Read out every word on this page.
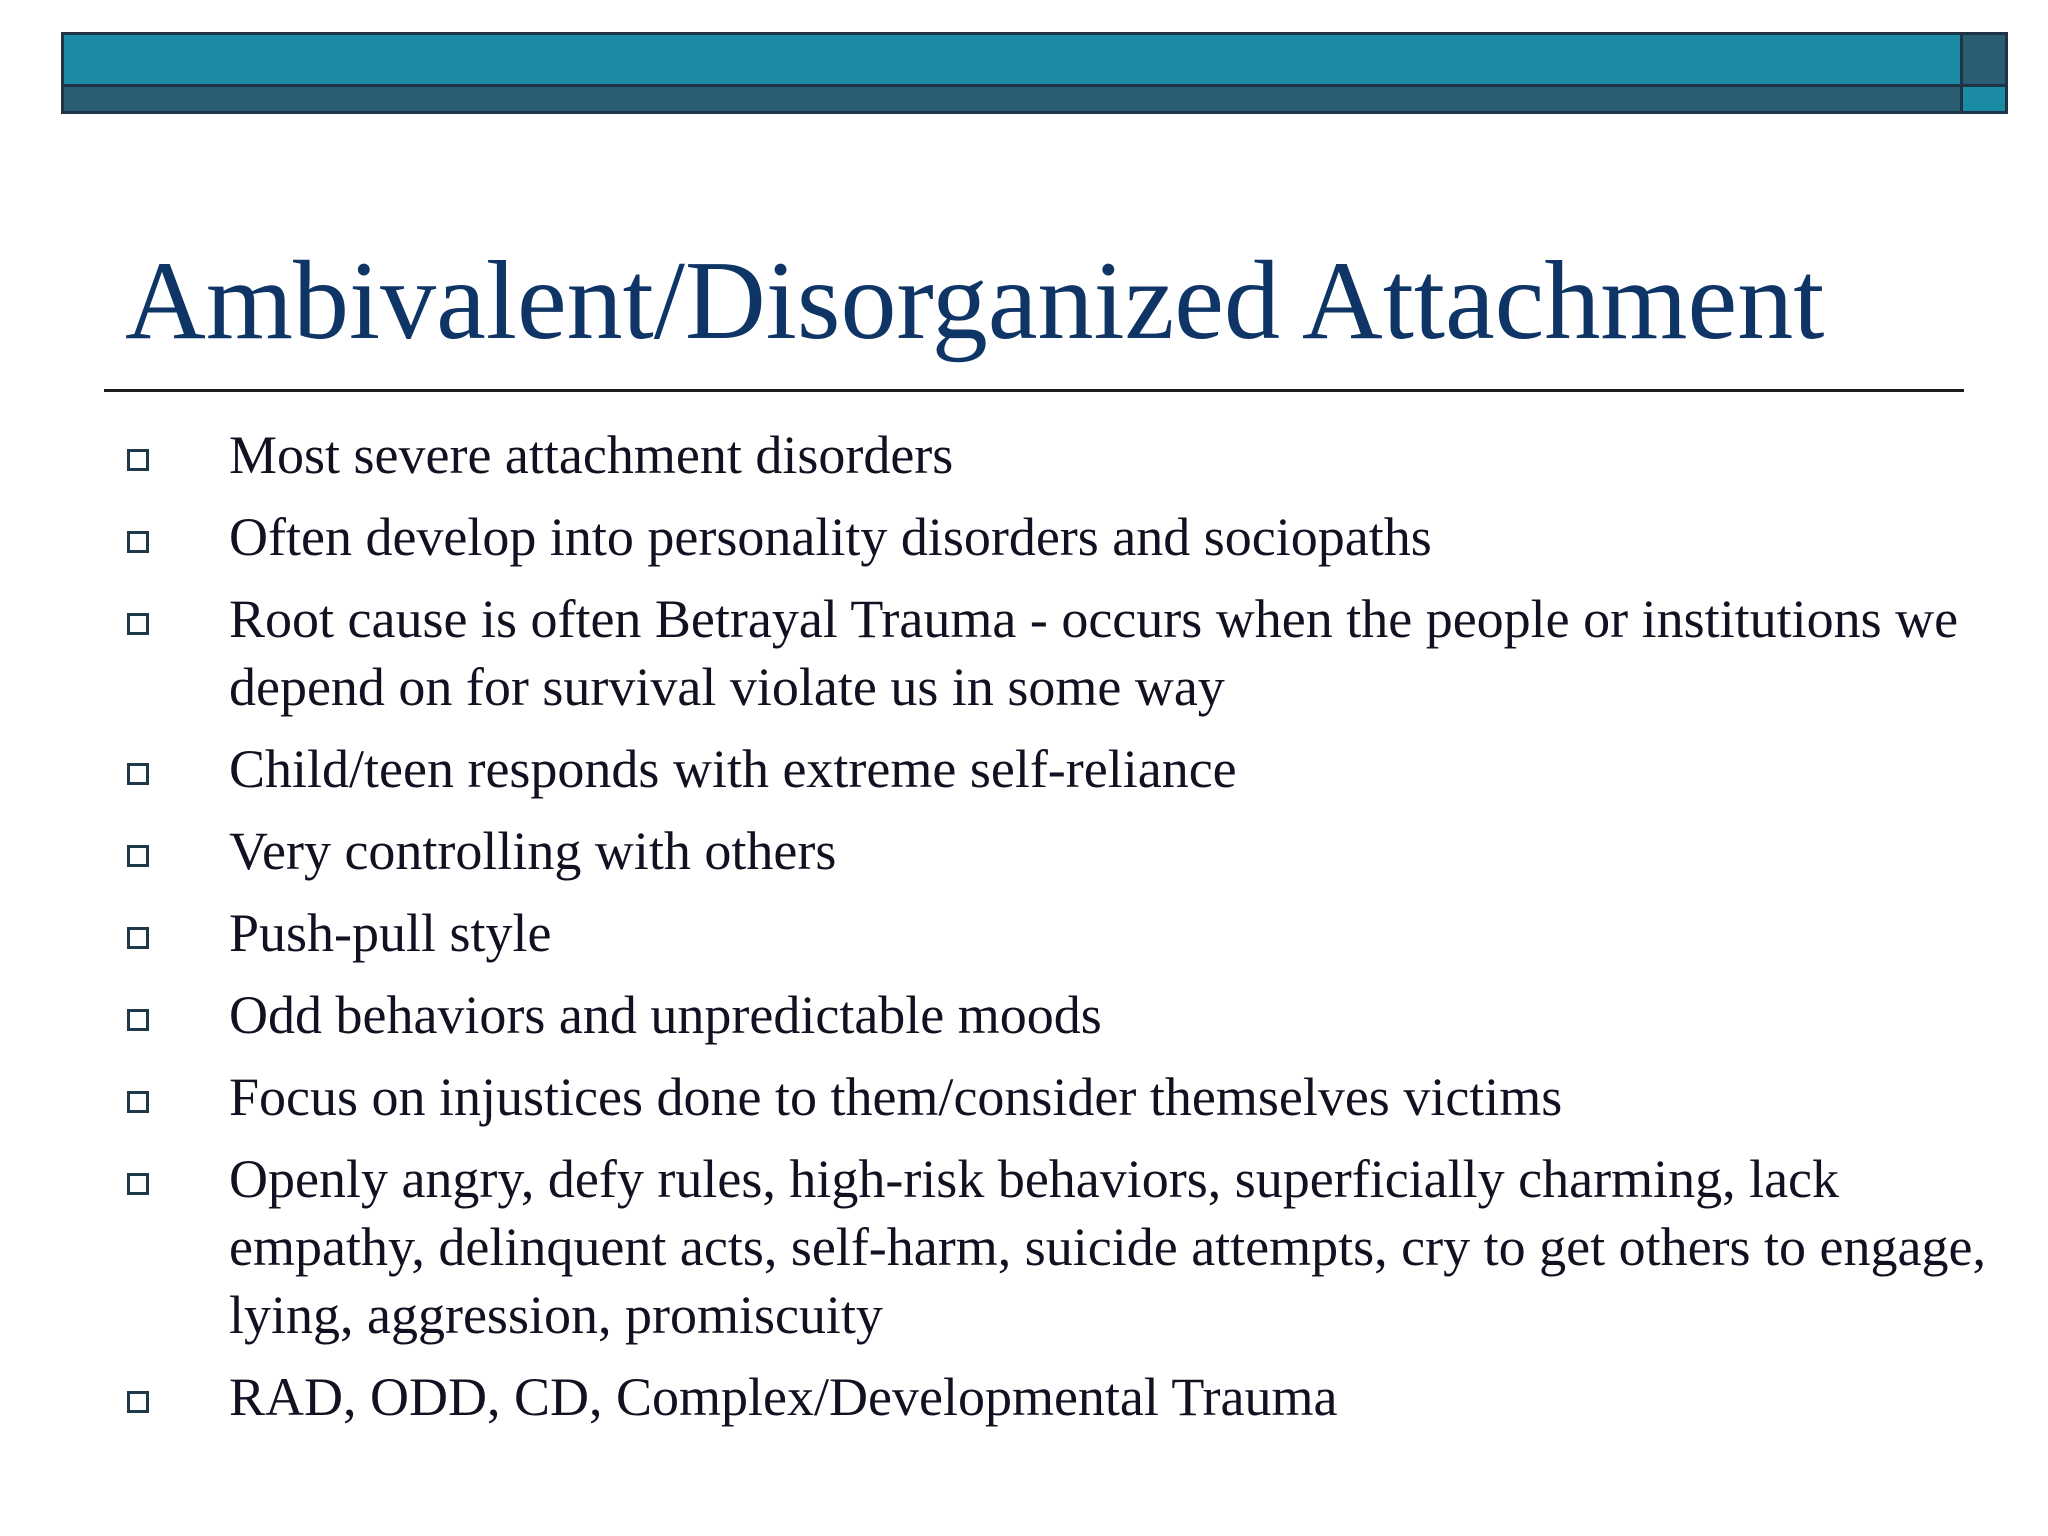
Ambivalent/Disorganized Attachment
Most severe attachment disorders
Often develop into personality disorders and sociopaths
Root cause is often Betrayal Trauma - occurs when the people or institutions we depend on for survival violate us in some way
Child/teen responds with extreme self-reliance
Very controlling with others
Push-pull style
Odd behaviors and unpredictable moods
Focus on injustices done to them/consider themselves victims
Openly angry, defy rules, high-risk behaviors, superficially charming, lack empathy, delinquent acts, self-harm, suicide attempts, cry to get others to engage, lying, aggression, promiscuity
RAD, ODD, CD, Complex/Developmental Trauma
